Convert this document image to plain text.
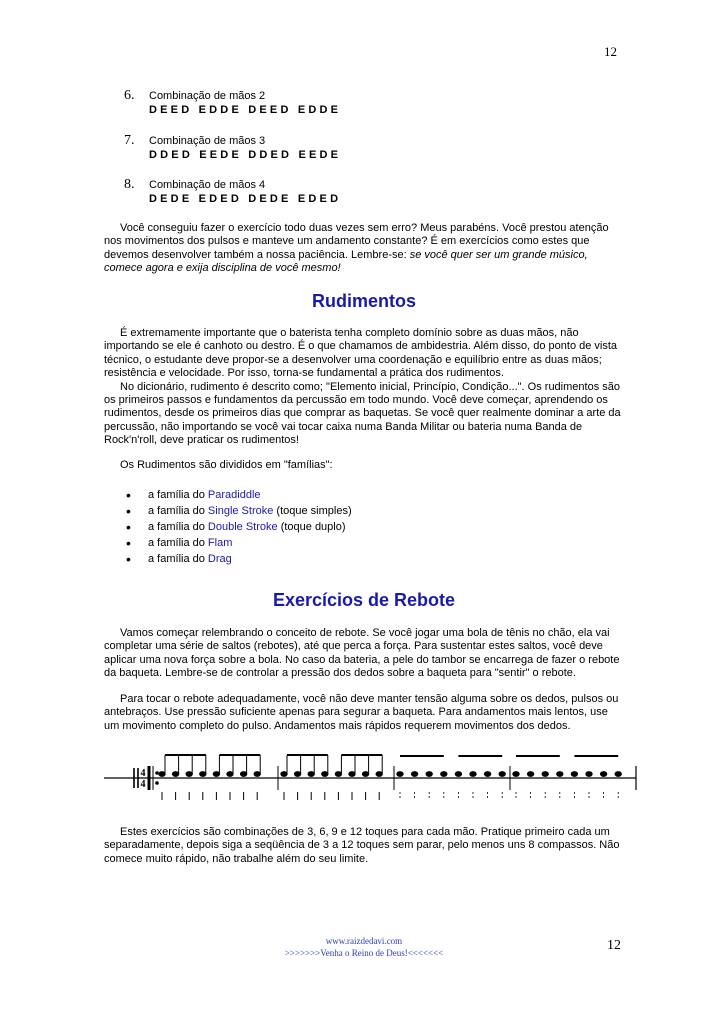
12
6. Combinação de mãos 2
DEED EDDE DEED EDDE
7. Combinação de mãos 3
DDED EEDE DDED EEDE
8. Combinação de mãos 4
DEDE EDED DEDE EDED

Você conseguiu fazer o exercício todo duas vezes sem erro? Meus parabéns. Você prestou atenção nos movimentos dos pulsos e manteve um andamento constante? É em exercícios como estes que devemos desenvolver também a nossa paciência. Lembre-se: se você quer ser um grande músico, comece agora e exija disciplina de você mesmo!

Rudimentos

É extremamente importante que o baterista tenha completo domínio sobre as duas mãos, não importando se ele é canhoto ou destro. É o que chamamos de ambidestria. Além disso, do ponto de vista técnico, o estudante deve propor-se a desenvolver uma coordenação e equilíbrio entre as duas mãos; resistência e velocidade. Por isso, torna-se fundamental a prática dos rudimentos.

No dicionário, rudimento é descrito como; "Elemento inicial, Princípio, Condição...". Os rudimentos são os primeiros passos e fundamentos da percussão em todo mundo. Você deve começar, aprendendo os rudimentos, desde os primeiros dias que comprar as baquetas. Se você quer realmente dominar a arte da percussão, não importando se você vai tocar caixa numa Banda Militar ou bateria numa Banda de Rock'n'roll, deve praticar os rudimentos!

Os Rudimentos são divididos em "famílias":

• a família do Paradiddle
• a família do Single Stroke (toque simples)
• a família do Double Stroke (toque duplo)
• a família do Flam
• a família do Drag
Exercícios de Rebote

Vamos começar relembrando o conceito de rebote. Se você jogar uma bola de tênis no chão, ela vai completar uma série de saltos (rebotes), até que perca a força. Para sustentar estes saltos, você deve aplicar uma nova força sobre a bola. No caso da bateria, a pele do tambor se encarrega de fazer o rebote da baqueta. Lembre-se de controlar a pressão dos dedos sobre a baqueta para "sentir" o rebote.

Para tocar o rebote adequadamente, você não deve manter tensão alguma sobre os dedos, pulsos ou antebraços. Use pressão suficiente apenas para segurar a baqueta. Para andamentos mais lentos, use um movimento completo do pulso. Andamentos mais rápidos requerem movimentos dos dedos.

4
4

Estes exercícios são combinações de 3, 6, 9 e 12 toques para cada mão. Pratique primeiro cada um separadamente, depois siga a seqüência de 3 a 12 toques sem parar, pelo menos uns 8 compassos. Não comece muito rápido, não trabalhe além do seu limite.

www.raizdedavi.com
>>>>>>>Venha o Reino de Deus!<<<<<<<	12
